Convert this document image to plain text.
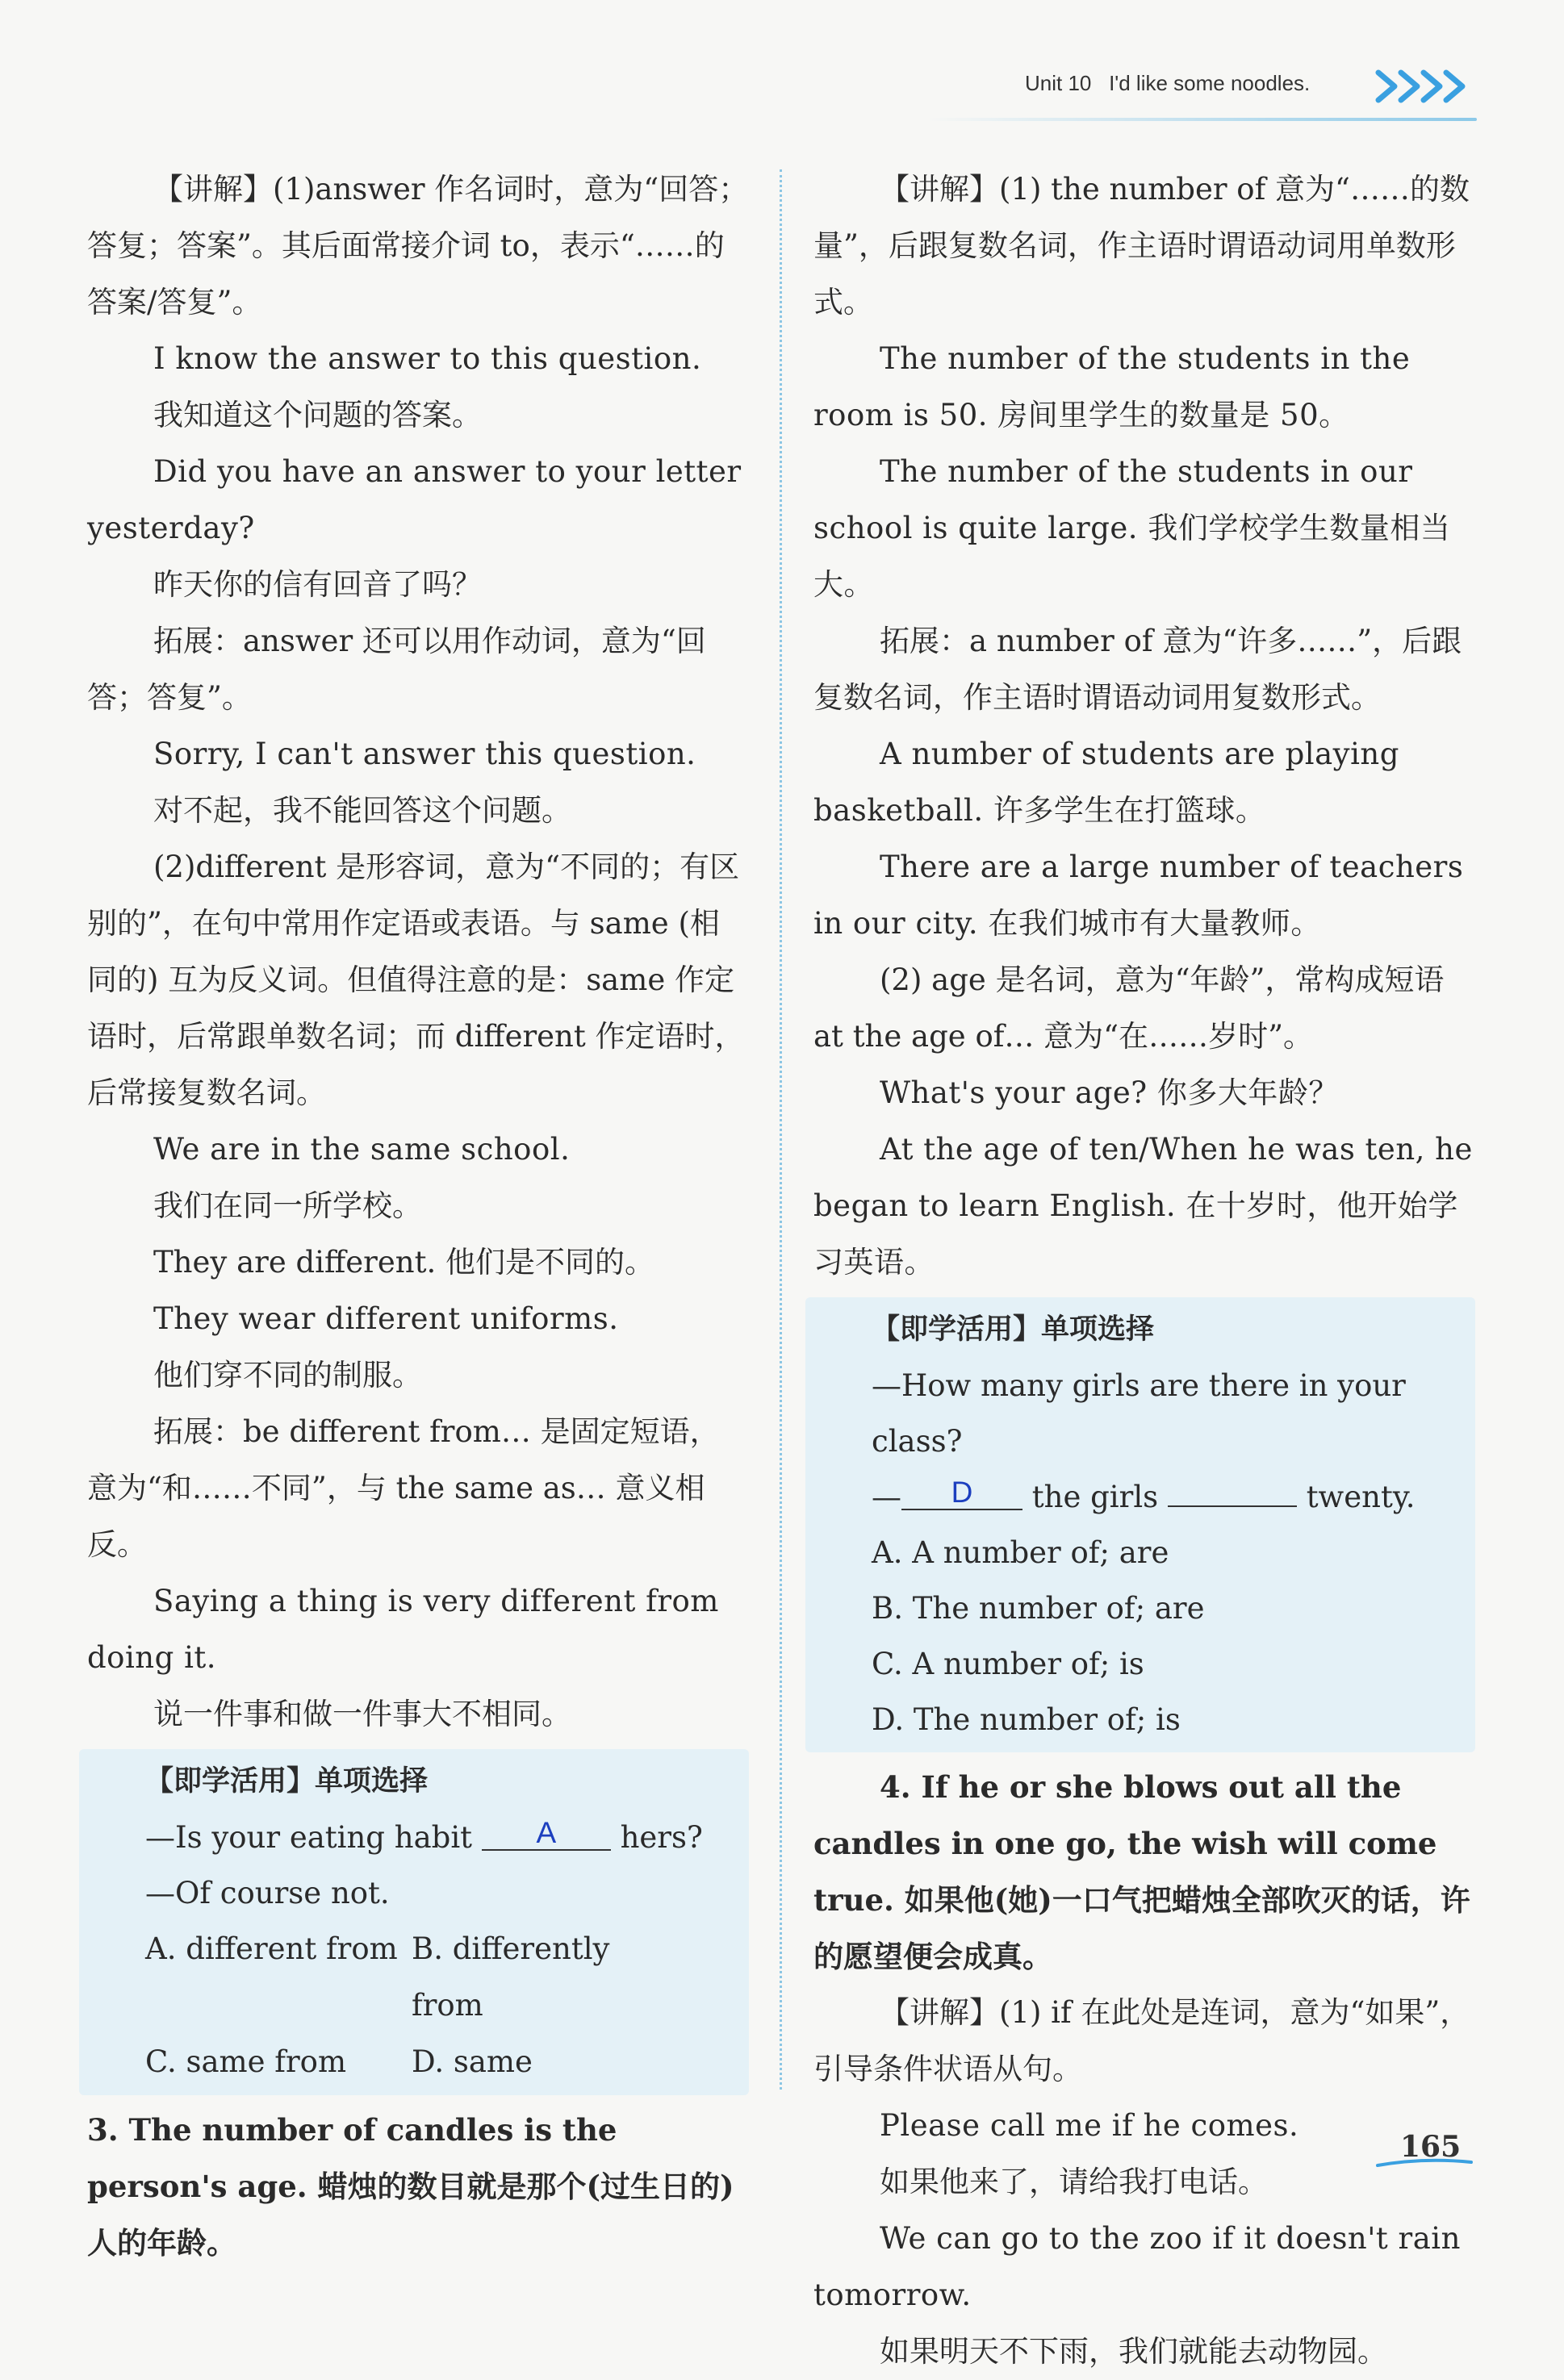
Unit 10 I'd like some noodles.

【讲解】(1)answer 作名词时，意为“回答；答复；答案”。其后面常接介词 to，表示“……的答案/答复”。

I know the answer to this question.

我知道这个问题的答案。

Did you have an answer to your letter yesterday?

昨天你的信有回音了吗？

拓展：answer 还可以用作动词，意为“回答；答复”。

Sorry, I can't answer this question.

对不起，我不能回答这个问题。

(2)different 是形容词，意为“不同的；有区别的”，在句中常用作定语或表语。与 same (相同的) 互为反义词。但值得注意的是：same 作定语时，后常跟单数名词；而 different 作定语时，后常接复数名词。

We are in the same school.

我们在同一所学校。

They are different. 他们是不同的。

They wear different uniforms.

他们穿不同的制服。

拓展：be different from… 是固定短语，意为“和……不同”，与 the same as… 意义相反。

Saying a thing is very different from doing it.

说一件事和做一件事大不相同。

【即学活用】单项选择

—Is your eating habit A hers?

—Of course not.

A. different from B. differently from
C. same from	D. same

3. The number of candles is the person's age. 蜡烛的数目就是那个(过生日的)人的年龄。

【讲解】(1) the number of 意为“……的数量”，后跟复数名词，作主语时谓语动词用单数形式。

The number of the students in the room is 50. 房间里学生的数量是 50。

The number of the students in our school is quite large. 我们学校学生数量相当大。

拓展：a number of 意为“许多……”，后跟复数名词，作主语时谓语动词用复数形式。

A number of students are playing basketball. 许多学生在打篮球。

There are a large number of teachers in our city. 在我们城市有大量教师。

(2) age 是名词，意为“年龄”，常构成短语 at the age of… 意为“在……岁时”。

What's your age? 你多大年龄？

At the age of ten/When he was ten, he began to learn English. 在十岁时，他开始学习英语。

【即学活用】单项选择

—How many girls are there in your class?

— D the girls	twenty.

A. A number of; are

B. The number of; are

C. A number of; is

D. The number of; is

4. If he or she blows out all the candles in one go, the wish will come true. 如果他(她)一口气把蜡烛全部吹灭的话，许的愿望便会成真。

【讲解】(1) if 在此处是连词，意为“如果”，引导条件状语从句。

Please call me if he comes.

如果他来了，请给我打电话。

We can go to the zoo if it doesn't rain tomorrow.

如果明天不下雨，我们就能去动物园。

165
